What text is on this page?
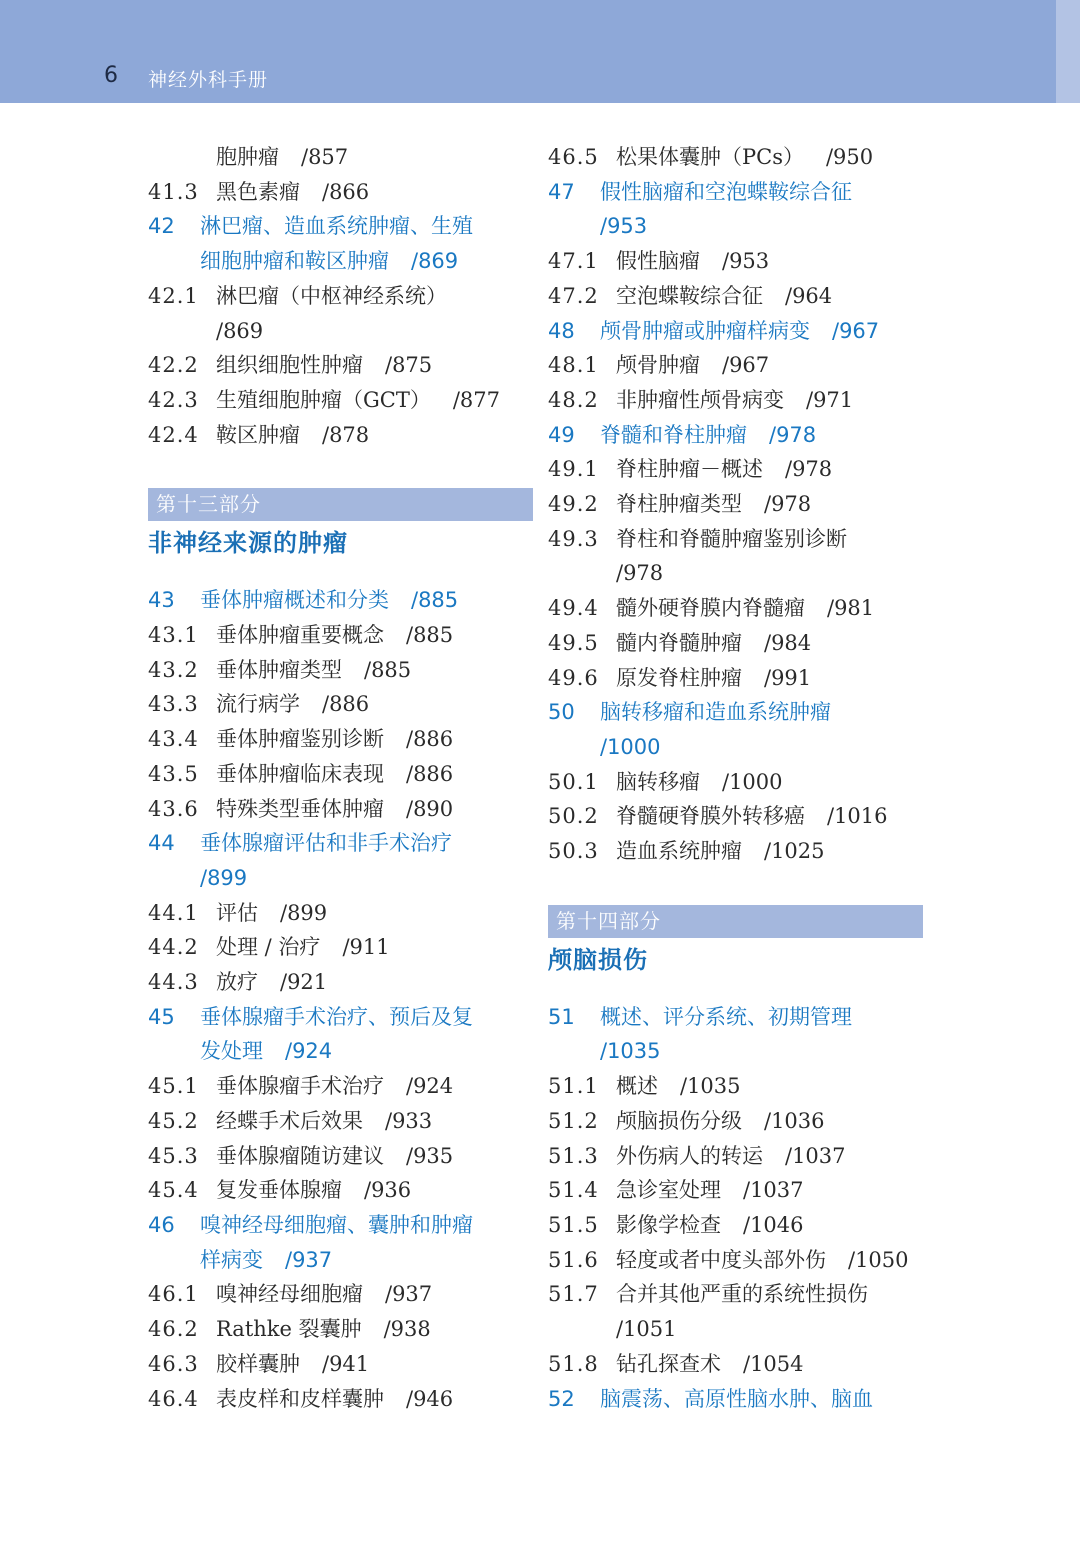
6 神经外科手册
胞肿瘤 /857
41.3 黑色素瘤 /866
42	淋巴瘤、造血系统肿瘤、生殖
细胞肿瘤和鞍区肿瘤 /869
42.1 淋巴瘤（中枢神经系统）
/869
42.2 组织细胞性肿瘤 /875
42.3 生殖细胞肿瘤（GCT） /877
42.4 鞍区肿瘤 /878
第十三部分
非神经来源的肿瘤
43	垂体肿瘤概述和分类 /885
43.1 垂体肿瘤重要概念 /885
43.2 垂体肿瘤类型 /885
43.3 流行病学 /886
43.4 垂体肿瘤鉴别诊断 /886
43.5 垂体肿瘤临床表现 /886
43.6 特殊类型垂体肿瘤 /890
44	垂体腺瘤评估和非手术治疗
/899
44.1 评估 /899
44.2 处理 / 治疗 /911
44.3 放疗 /921
45	垂体腺瘤手术治疗、预后及复
发处理 /924
45.1 垂体腺瘤手术治疗 /924
45.2 经蝶手术后效果 /933
45.3 垂体腺瘤随访建议 /935
45.4 复发垂体腺瘤 /936
46	嗅神经母细胞瘤、囊肿和肿瘤
样病变 /937
46.1 嗅神经母细胞瘤 /937
46.2 Rathke 裂囊肿 /938
46.3 胶样囊肿 /941
46.4 表皮样和皮样囊肿 /946
46.5 松果体囊肿（PCs） /950
47	假性脑瘤和空泡蝶鞍综合征
/953
47.1 假性脑瘤 /953
47.2 空泡蝶鞍综合征 /964
48	颅骨肿瘤或肿瘤样病变 /967
48.1 颅骨肿瘤 /967
48.2 非肿瘤性颅骨病变 /971
49	脊髓和脊柱肿瘤 /978
49.1 脊柱肿瘤－概述 /978
49.2 脊柱肿瘤类型 /978
49.3 脊柱和脊髓肿瘤鉴别诊断
/978
49.4 髓外硬脊膜内脊髓瘤 /981
49.5 髓内脊髓肿瘤 /984
49.6 原发脊柱肿瘤 /991
50	脑转移瘤和造血系统肿瘤
/1000
50.1 脑转移瘤 /1000
50.2 脊髓硬脊膜外转移癌 /1016
50.3 造血系统肿瘤 /1025
第十四部分
颅脑损伤
51	概述、评分系统、初期管理
/1035
51.1 概述 /1035
51.2 颅脑损伤分级 /1036
51.3 外伤病人的转运 /1037
51.4 急诊室处理 /1037
51.5 影像学检查 /1046
51.6 轻度或者中度头部外伤 /1050
51.7 合并其他严重的系统性损伤
/1051
51.8 钻孔探查术 /1054
52	脑震荡、高原性脑水肿、脑血
